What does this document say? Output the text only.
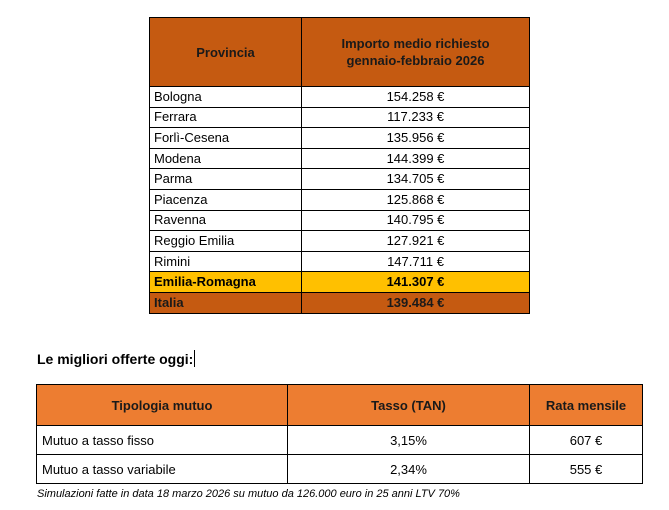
Provincia	Importo medio richiesto
gennaio-febbraio 2026
Bologna	154.258 €
Ferrara	117.233 €
Forlì-Cesena	135.956 €
Modena	144.399 €
Parma	134.705 €
Piacenza	125.868 €
Ravenna	140.795 €
Reggio Emilia	127.921 €
Rimini	147.711 €
Emilia-Romagna	141.307 €
Italia	139.484 €
Le migliori offerte oggi:
Tipologia mutuo	Tasso (TAN)	Rata mensile
Mutuo a tasso fisso	3,15%	607 €
Mutuo a tasso variabile	2,34%	555 €
Simulazioni fatte in data 18 marzo 2026 su mutuo da 126.000 euro in 25 anni LTV 70%
